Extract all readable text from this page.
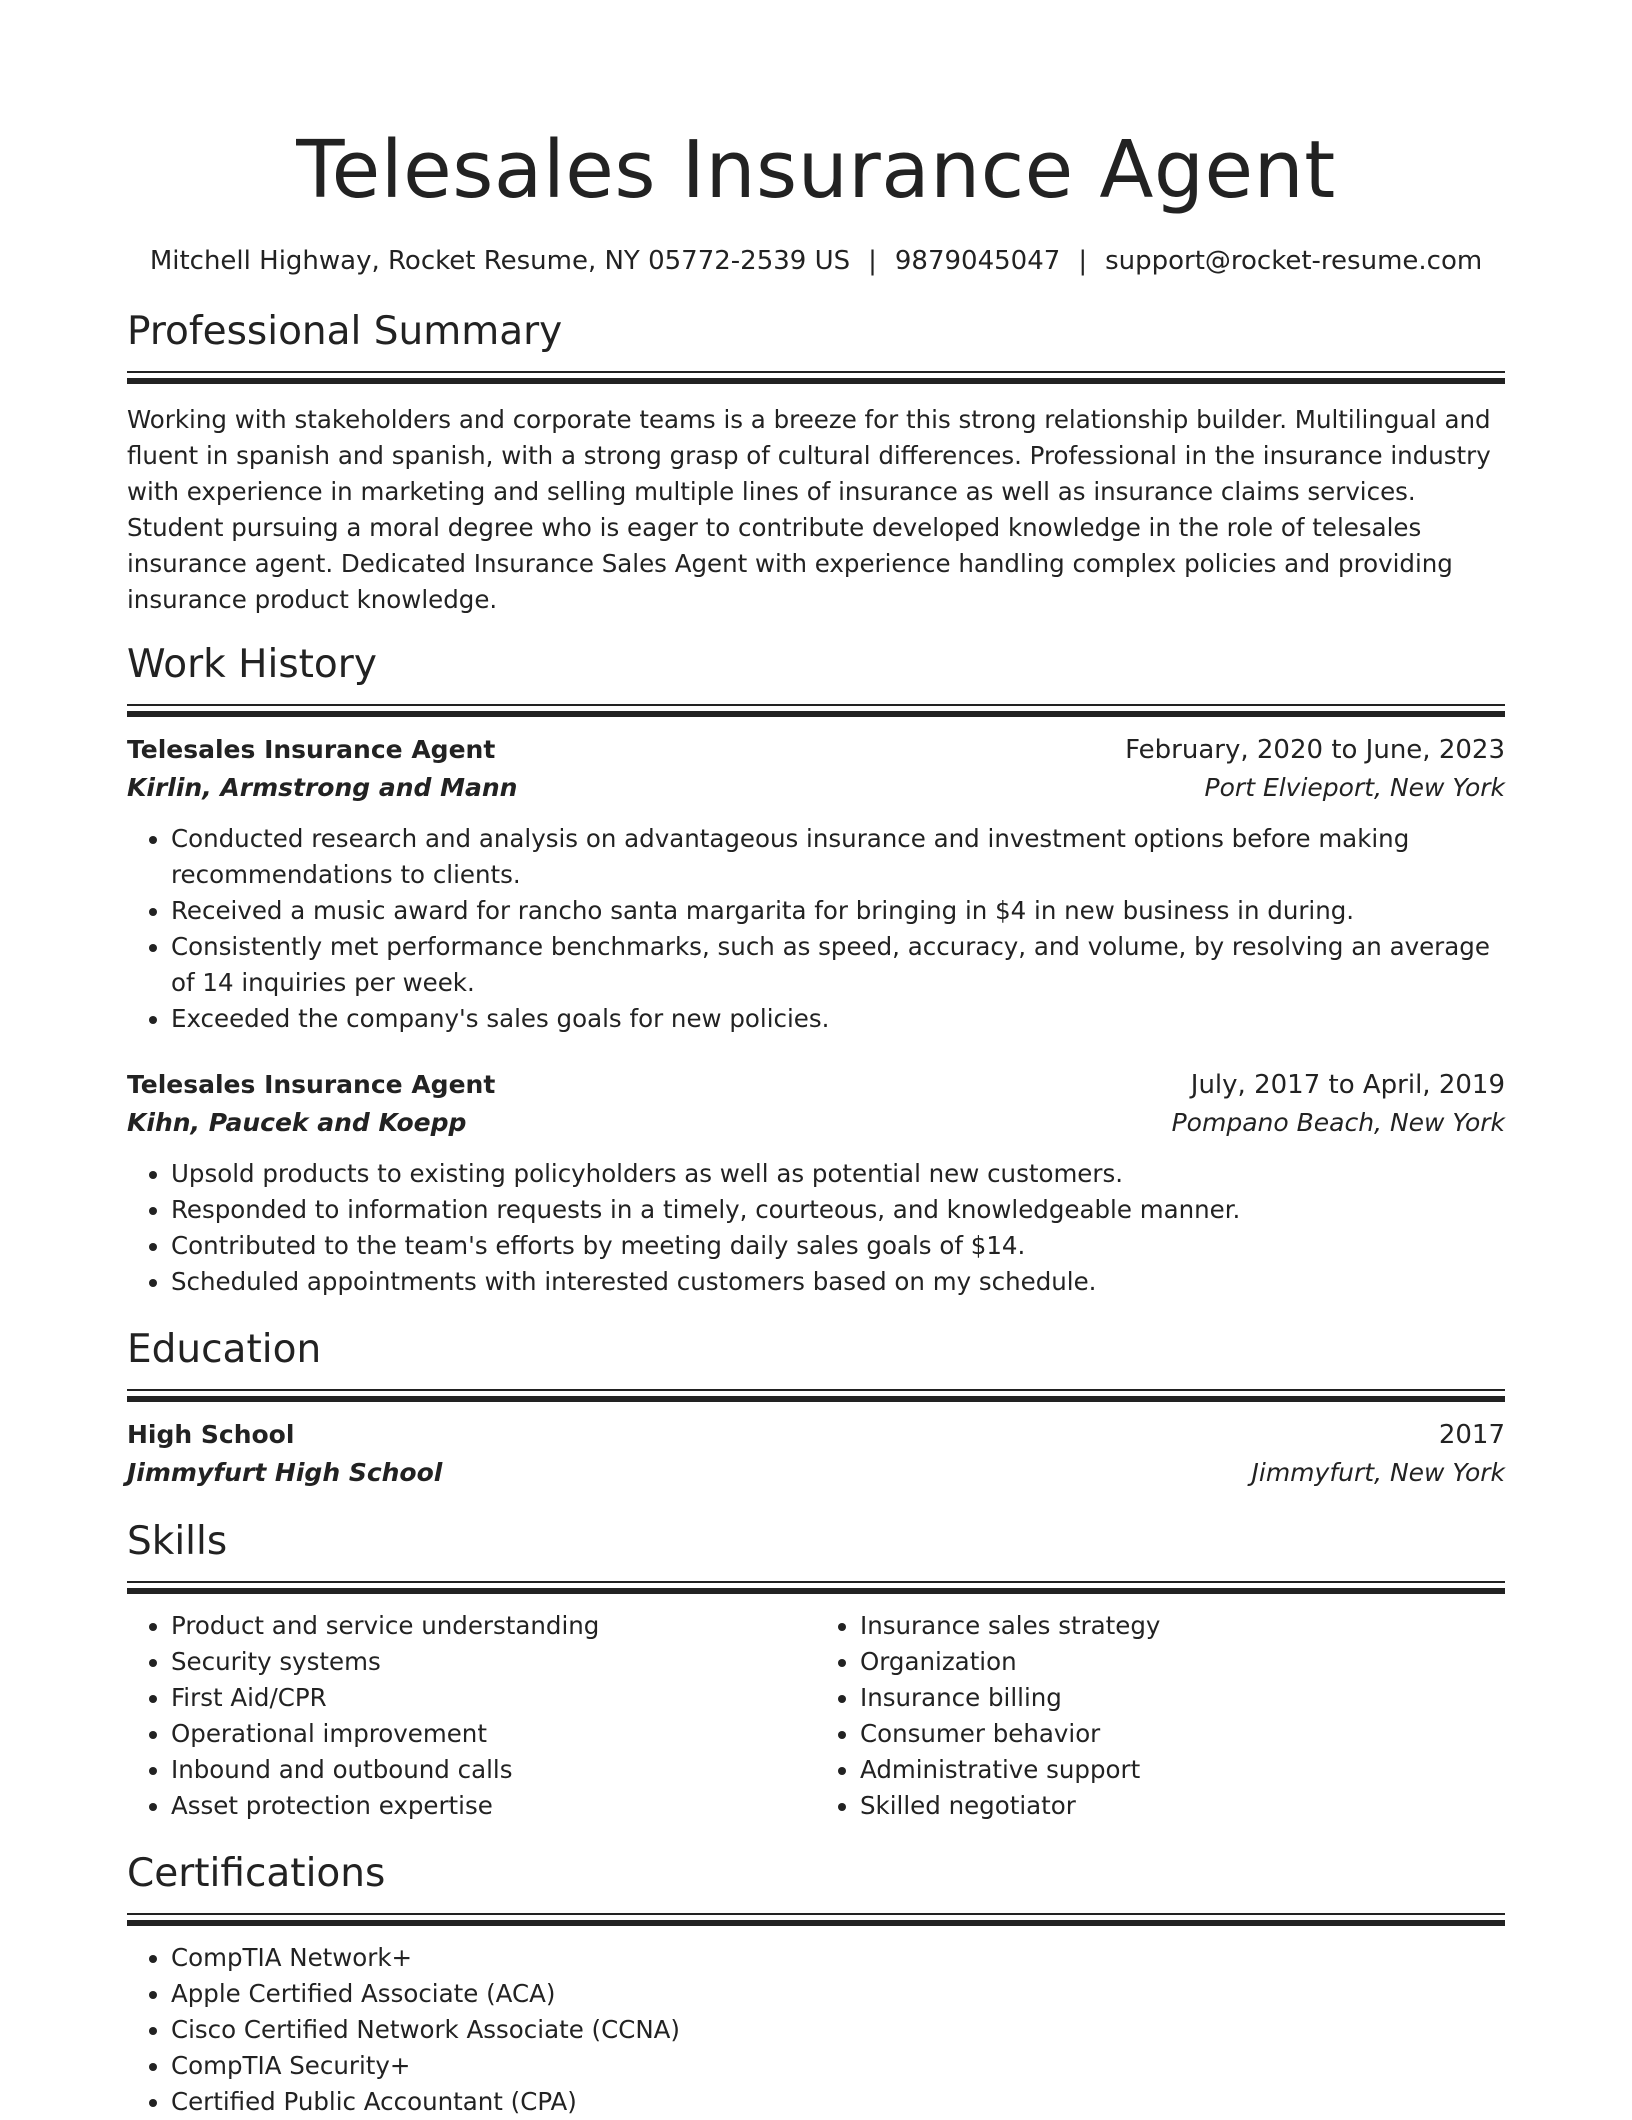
Telesales Insurance Agent
Mitchell Highway, Rocket Resume, NY 05772-2539 US | 9879045047 | support@rocket-resume.com
Professional Summary
Working with stakeholders and corporate teams is a breeze for this strong relationship builder. Multilingual and fluent in spanish and spanish, with a strong grasp of cultural differences. Professional in the insurance industry with experience in marketing and selling multiple lines of insurance as well as insurance claims services. Student pursuing a moral degree who is eager to contribute developed knowledge in the role of telesales insurance agent. Dedicated Insurance Sales Agent with experience handling complex policies and providing insurance product knowledge.
Work History
Telesales Insurance Agent	February, 2020 to June, 2023
Kirlin, Armstrong and Mann	Port Elvieport, New York
• Conducted research and analysis on advantageous insurance and investment options before making recommendations to clients.
• Received a music award for rancho santa margarita for bringing in $4 in new business in during.
• Consistently met performance benchmarks, such as speed, accuracy, and volume, by resolving an average of 14 inquiries per week.
• Exceeded the company's sales goals for new policies.
Telesales Insurance Agent	July, 2017 to April, 2019
Kihn, Paucek and Koepp	Pompano Beach, New York
• Upsold products to existing policyholders as well as potential new customers.
• Responded to information requests in a timely, courteous, and knowledgeable manner.
• Contributed to the team's efforts by meeting daily sales goals of $14.
• Scheduled appointments with interested customers based on my schedule.
Education
High School	2017
Jimmyfurt High School	Jimmyfurt, New York
Skills
• Product and service understanding
• Security systems
• First Aid/CPR
• Operational improvement
• Inbound and outbound calls
• Asset protection expertise
• Insurance sales strategy
• Organization
• Insurance billing
• Consumer behavior
• Administrative support
• Skilled negotiator
Certifications
• CompTIA Network+
• Apple Certified Associate (ACA)
• Cisco Certified Network Associate (CCNA)
• CompTIA Security+
• Certified Public Accountant (CPA)
